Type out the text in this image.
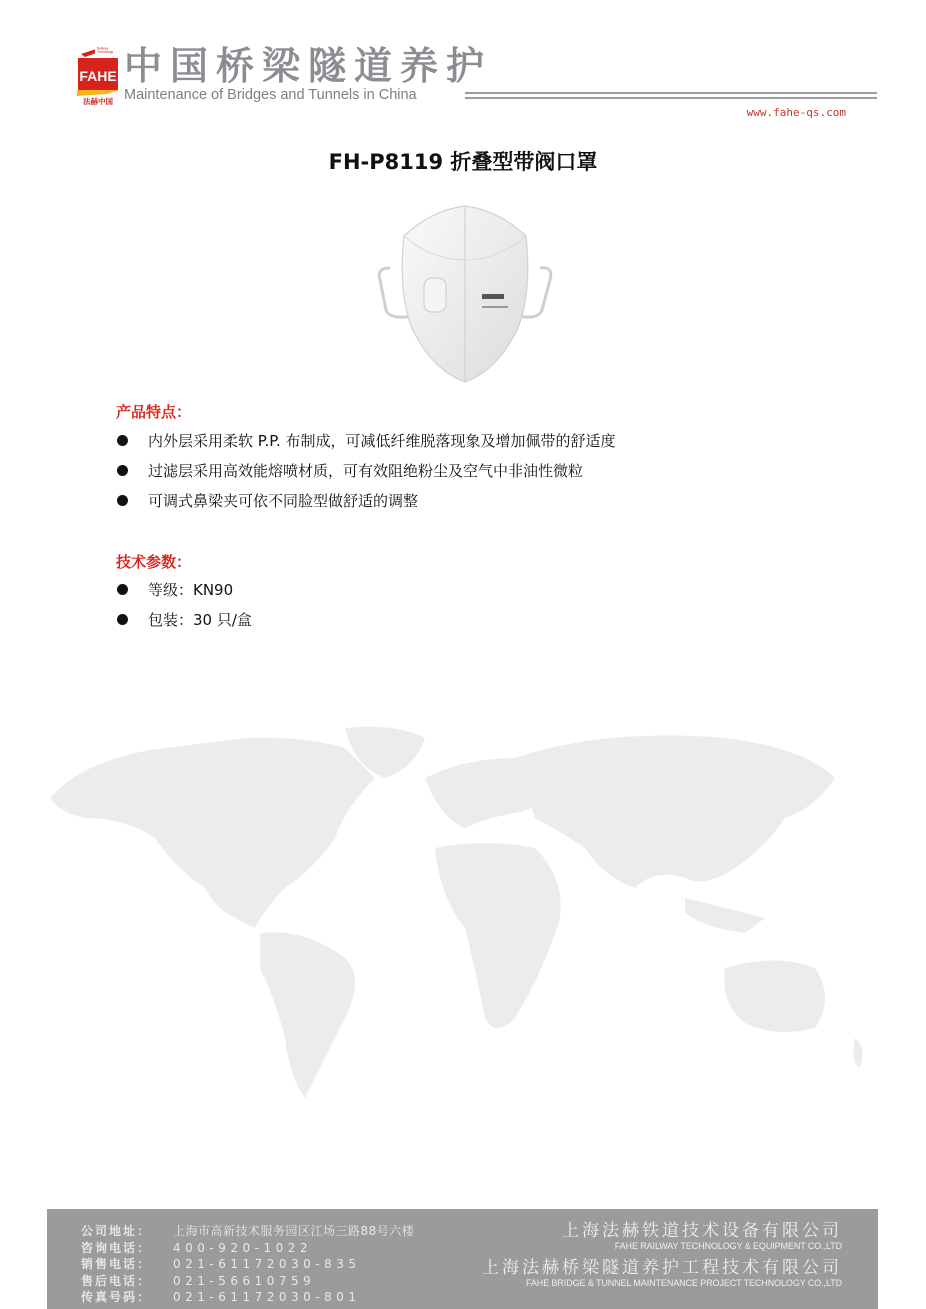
Railway
Technology
FAHE
法赫中国
中国桥梁隧道养护
Maintenance of Bridges and Tunnels in China
www.fahe-qs.com
FH-P8119 折叠型带阀口罩
产品特点：
内外层采用柔软 P.P. 布制成，可减低纤维脱落现象及增加佩带的舒适度
过滤层采用高效能熔喷材质，可有效阻绝粉尘及空气中非油性微粒
可调式鼻梁夹可依不同脸型做舒适的调整
技术参数：
等级：KN90
包装：30 只/盒
公司地址： 上海市高新技术服务园区江场三路88号六楼
咨询电话： 400-920-1022
销售电话： 021-61172030-835
售后电话： 021-56610759
传真号码： 021-61172030-801
上海法赫铁道技术设备有限公司
FAHE RAILWAY TECHNOLOGY & EQUIPMENT CO.,LTD
上海法赫桥梁隧道养护工程技术有限公司
FAHE BRIDGE & TUNNEL MAINTENANCE PROJECT TECHNOLOGY CO.,LTD
